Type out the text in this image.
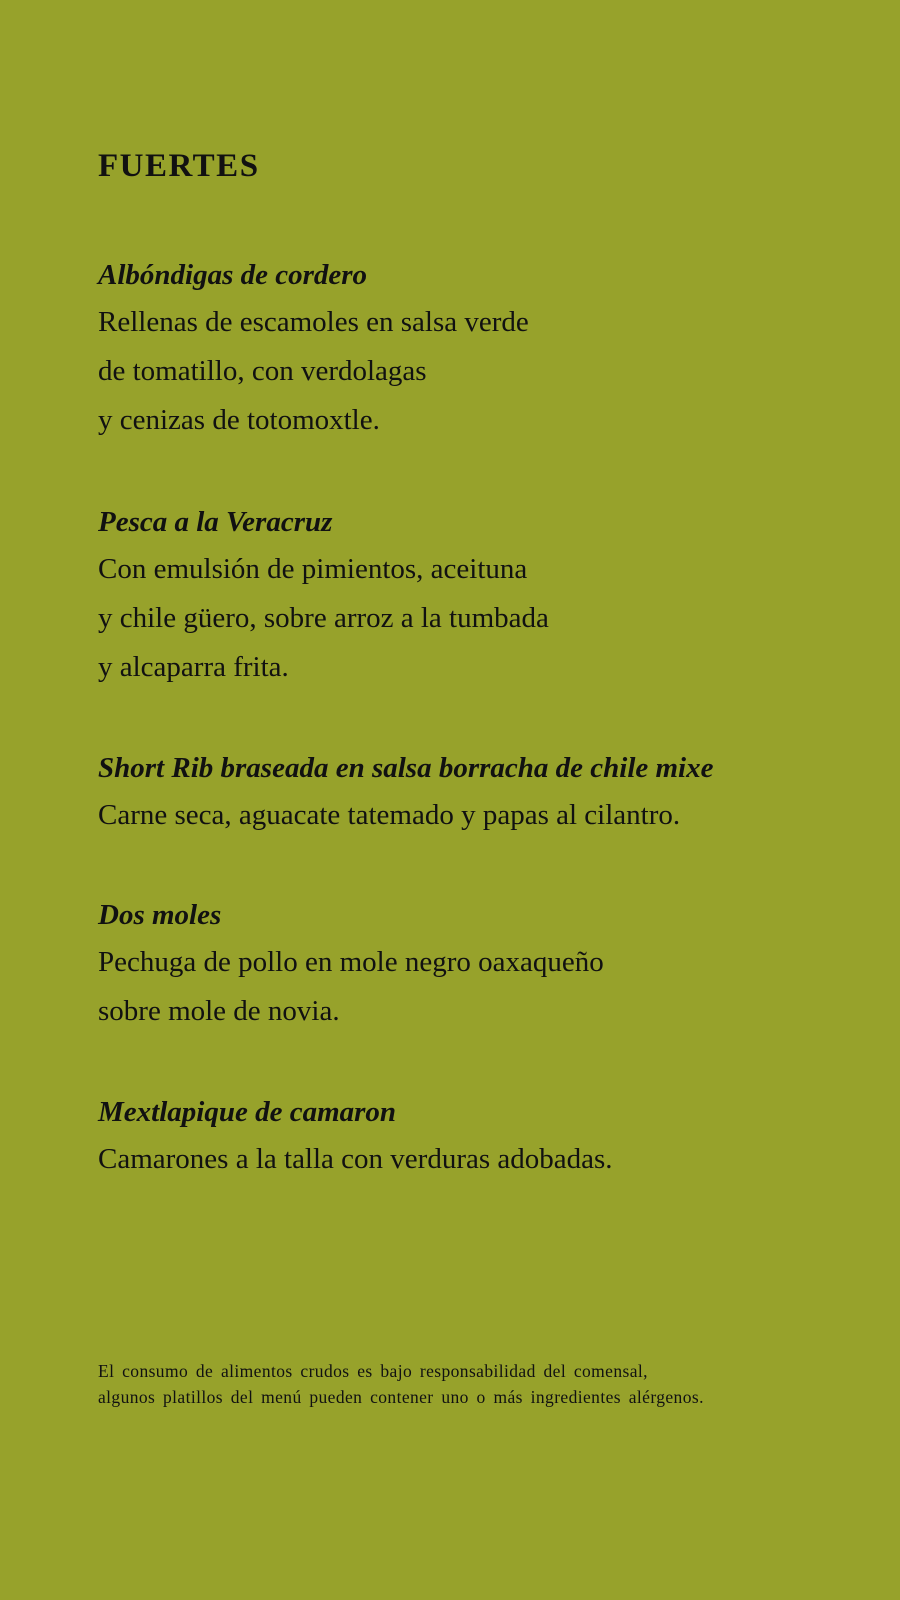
FUERTES
Albóndigas de cordero
Rellenas de escamoles en salsa verde
de tomatillo, con verdolagas
y cenizas de totomoxtle.
Pesca a la Veracruz
Con emulsión de pimientos, aceituna
y chile güero, sobre arroz a la tumbada
y alcaparra frita.
Short Rib braseada en salsa borracha de chile mixe
Carne seca, aguacate tatemado y papas al cilantro.
Dos moles
Pechuga de pollo en mole negro oaxaqueño
sobre mole de novia.
Mextlapique de camaron
Camarones a la talla con verduras adobadas.
El consumo de alimentos crudos es bajo responsabilidad del comensal,
algunos platillos del menú pueden contener uno o más ingredientes alérgenos.
